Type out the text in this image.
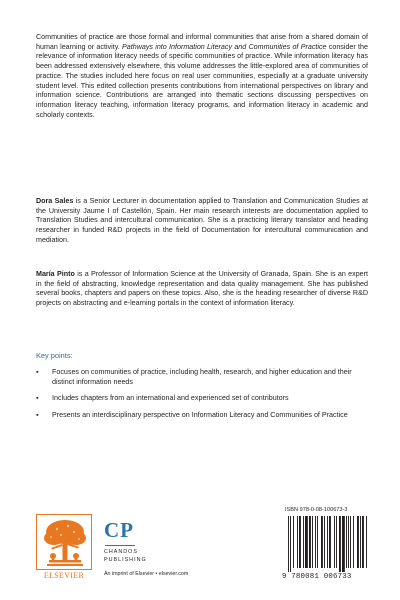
Communities of practice are those formal and informal communities that arise from a shared domain of human learning or activity. Pathways into Information Literacy and Communities of Practice consider the relevance of information literacy needs of specific communities of practice. While information literacy has been addressed extensively elsewhere, this volume addresses the little-explored area of communities of practice. The studies included here focus on real user communities, especially at a graduate university student level. This edited collection presents contributions from international perspectives on library and information science. Contributions are arranged into thematic sections discussing perspectives on information literacy teaching, information literacy programs, and information literacy in academic and scholarly contexts.

Dora Sales is a Senior Lecturer in documentation applied to Translation and Communication Studies at the University Jaume I of Castellón, Spain. Her main research interests are documentation applied to Translation Studies and intercultural communication. She is a practicing literary translator and heading researcher in funded R&D projects in the field of Documentation for intercultural communication and mediation.

María Pinto is a Professor of Information Science at the University of Granada, Spain. She is an expert in the field of abstracting, knowledge representation and data quality management. She has published several books, chapters and papers on these topics. Also, she is the heading researcher of diverse R&D projects on abstracting and e-learning portals in the context of information literacy.

Key points:
▪	Focuses on communities of practice, including health, research, and higher education and their distinct information needs
▪	Includes chapters from an international and experienced set of contributors
▪	Presents an interdisciplinary perspective on Information Literacy and Communities of Practice
ELSEVIER
CP
CHANDOS
PUBLISHING
An imprint of Elsevier • elsevier.com
ISBN 978-0-08-100673-3
9 780081 006733
